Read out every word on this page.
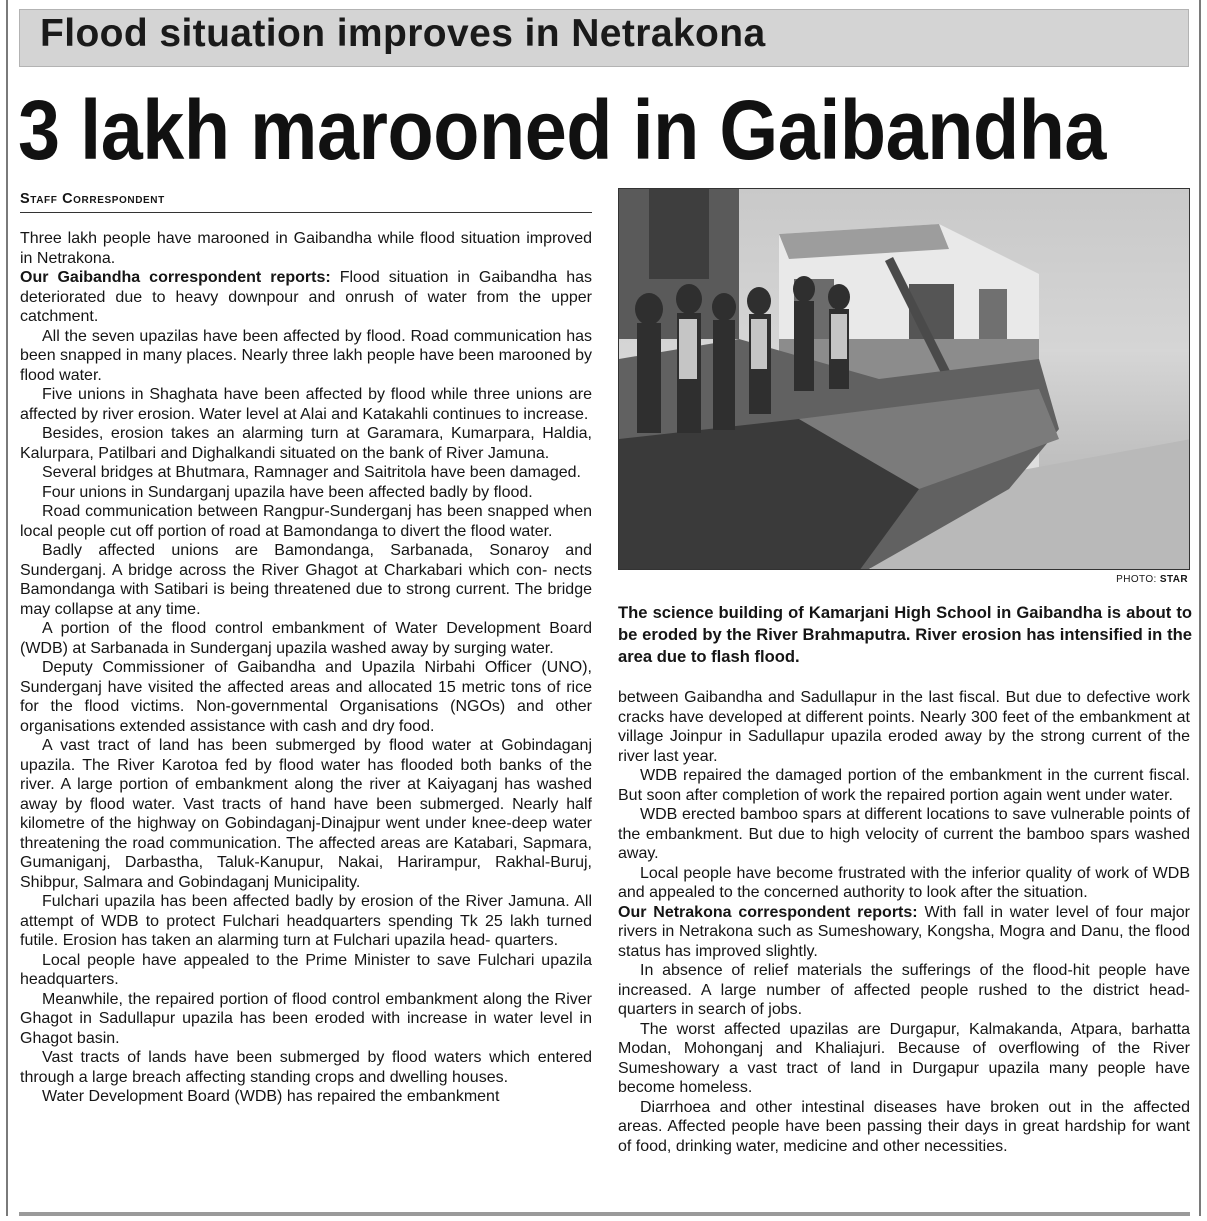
Flood situation improves in Netrakona
3 lakh marooned in Gaibandha
Staff Correspondent

Three lakh people have marooned in Gaibandha while flood situation improved in Netrakona.

Our Gaibandha correspondent reports: Flood situation in Gaibandha has deteriorated due to heavy downpour and onrush of water from the upper catchment.

All the seven upazilas have been affected by flood. Road communication has been snapped in many places. Nearly three lakh people have been marooned by flood water.

Five unions in Shaghata have been affected by flood while three unions are affected by river erosion. Water level at Alai and Katakahli continues to increase.

Besides, erosion takes an alarming turn at Garamara, Kumarpara, Haldia, Kalurpara, Patilbari and Dighalkandi situated on the bank of River Jamuna.

Several bridges at Bhutmara, Ramnager and Saitritola have been damaged.

Four unions in Sundarganj upazila have been affected badly by flood.

Road communication between Rangpur-Sunderganj has been snapped when local people cut off portion of road at Bamondanga to divert the flood water.

Badly affected unions are Bamondanga, Sarbanada, Sonaroy and Sunderganj. A bridge across the River Ghagot at Charkabari which con- nects Bamondanga with Satibari is being threatened due to strong current. The bridge may collapse at any time.

A portion of the flood control embankment of Water Development Board (WDB) at Sarbanada in Sunderganj upazila washed away by surging water.

Deputy Commissioner of Gaibandha and Upazila Nirbahi Officer (UNO), Sunderganj have visited the affected areas and allocated 15 metric tons of rice for the flood victims. Non-governmental Organisations (NGOs) and other organisations extended assistance with cash and dry food.

A vast tract of land has been submerged by flood water at Gobindaganj upazila. The River Karotoa fed by flood water has flooded both banks of the river. A large portion of embankment along the river at Kaiyaganj has washed away by flood water. Vast tracts of hand have been submerged. Nearly half kilometre of the highway on Gobindaganj-Dinajpur went under knee-deep water threatening the road communication. The affected areas are Katabari, Sapmara, Gumaniganj, Darbastha, Taluk-Kanupur, Nakai, Harirampur, Rakhal-Buruj, Shibpur, Salmara and Gobindaganj Municipality.

Fulchari upazila has been affected badly by erosion of the River Jamuna. All attempt of WDB to protect Fulchari headquarters spending Tk 25 lakh turned futile. Erosion has taken an alarming turn at Fulchari upazila head- quarters.

Local people have appealed to the Prime Minister to save Fulchari upazila headquarters.

Meanwhile, the repaired portion of flood control embankment along the River Ghagot in Sadullapur upazila has been eroded with increase in water level in Ghagot basin.

Vast tracts of lands have been submerged by flood waters which entered through a large breach affecting standing crops and dwelling houses.

Water Development Board (WDB) has repaired the embankment

PHOTO: STAR
The science building of Kamarjani High School in Gaibandha is about to be eroded by the River Brahmaputra. River erosion has intensified in the area due to flash flood.

between Gaibandha and Sadullapur in the last fiscal. But due to defective work cracks have developed at different points. Nearly 300 feet of the embankment at village Joinpur in Sadullapur upazila eroded away by the strong current of the river last year.

WDB repaired the damaged portion of the embankment in the current fiscal. But soon after completion of work the repaired portion again went under water.

WDB erected bamboo spars at different locations to save vulnerable points of the embankment. But due to high velocity of current the bamboo spars washed away.

Local people have become frustrated with the inferior quality of work of WDB and appealed to the concerned authority to look after the situation.

Our Netrakona correspondent reports: With fall in water level of four major rivers in Netrakona such as Sumeshowary, Kongsha, Mogra and Danu, the flood status has improved slightly.

In absence of relief materials the sufferings of the flood-hit people have increased. A large number of affected people rushed to the district head- quarters in search of jobs.

The worst affected upazilas are Durgapur, Kalmakanda, Atpara, barhatta Modan, Mohonganj and Khaliajuri. Because of overflowing of the River Sumeshowary a vast tract of land in Durgapur upazila many people have become homeless.

Diarrhoea and other intestinal diseases have broken out in the affected areas. Affected people have been passing their days in great hardship for want of food, drinking water, medicine and other necessities.
